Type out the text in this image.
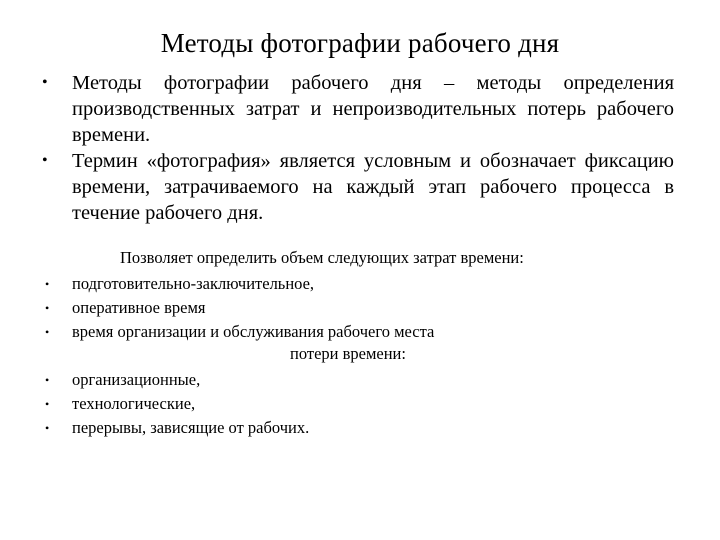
Методы фотографии рабочего дня
• Методы фотографии рабочего дня – методы определения производственных затрат и непроизводительных потерь рабочего времени.
• Термин «фотография» является условным и обозначает фиксацию времени, затрачиваемого на каждый этап рабочего процесса в течение рабочего дня.
Позволяет определить объем следующих затрат времени:
• подготовительно-заключительное,
• оперативное время
• время организации и обслуживания рабочего места
потери времени:
• организационные,
• технологические,
• перерывы, зависящие от рабочих.
